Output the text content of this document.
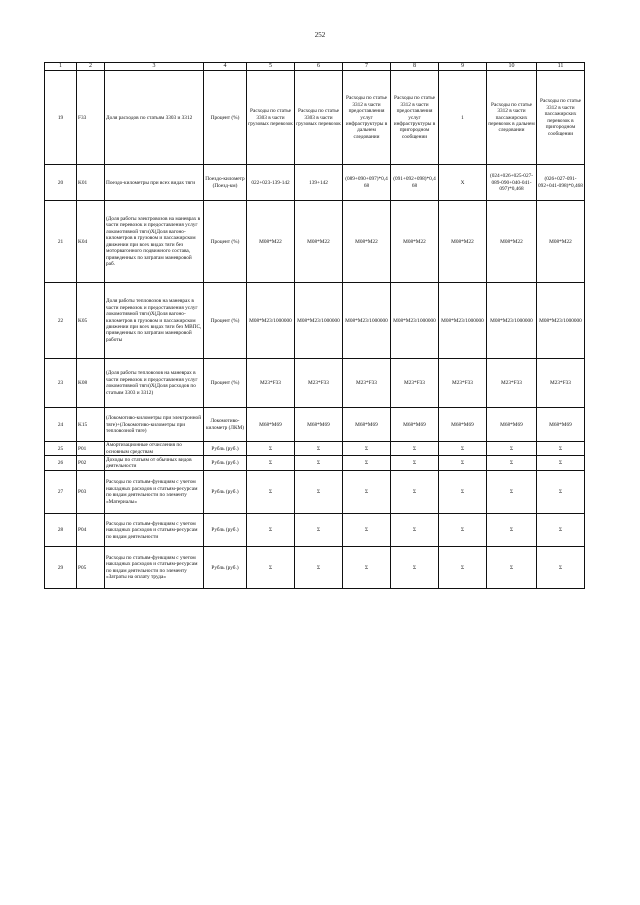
252
1	2	3	4	5	6	7	8	9	10	11
19	F33	Доля расходов по статьям 3303 и 3312	Процент (%)	Расходы по статье 3303 в части грузовых перевозок	Расходы по статье 3303 в части грузовых перевозок	Расходы по статье 3312 в части предоставления услуг инфраструктуры в дальнем следовании	Расходы по статье 3312 в части предоставления услуг инфраструктуры в пригородном сообщении	1	Расходы по статье 3312 в части пассажирских перевозок в дальнем следовании	Расходы по статье 3312 в части пассажирских перевозок в пригородном сообщении
20	K01	Поездо-километры при всех видах тяги	Поездо-километр (Поезд-км)	022+023-139-142	139+142	(089+090+097)*0,468	(091+092+098)*0,468	X	(024+026+025-027-089-090+040-041-097)*0,468	(026+027-091-092+041-098)*0,468
21	K04	(Доля работы электровозов на маневрах в части перевозок и предоставления услуг локомотивной тяги)Х(Доля вагоно-километров в грузовом и пассажирском движении при всех видах тяги без моторвагонного подвижного состава, приведенных по затратам маневровой раб.	Процент (%)	M08*M22	M08*M22	M08*M22	M08*M22	M08*M22	M08*M22	M08*M22
22	K05	Доля работы тепловозов на маневрах в части перевозок и предоставления услуг локомотивной тяги)Х(Доля вагоно-километров в грузовом и пассажирском движении при всех видах тяги без МВПС, приведенных по затратам маневровой работы	Процент (%)	M08*M23/1000000	M08*M23/1000000	M08*M23/1000000	M08*M23/1000000	M08*M23/1000000	M08*M23/1000000	M08*M23/1000000
23	K08	(Доля работы тепловозов на маневрах в части перевозок и предоставления услуг локомотивной тяги)Х(Доля расходов по статьям 3303 и 3312)	Процент (%)	M23*F33	M23*F33	M23*F33	M23*F33	M23*F33	M23*F33	M23*F33
24	K15	(Локомотиво-километры при электронной тяге)+(Локомотиво-километры при тепловозной тяге)	Локомотиво-километр (ЛКМ)	M68*M69	M68*M69	M68*M69	M68*M69	M68*M69	M68*M69	M68*M69
25	P01	Амортизационные отчисления по основным средствам	Рубль (руб.)	Σ	Σ	Σ	Σ	Σ	Σ	Σ
26	P02	Доходы по статьям от обычных видов деятельности	Рубль (руб.)	Σ	Σ	Σ	Σ	Σ	Σ	Σ
27	P03	Расходы по статьям-функциям с учетом накладных расходов и статьям-ресурсам по видам деятельности по элементу «Материалы»	Рубль (руб.)	Σ	Σ	Σ	Σ	Σ	Σ	Σ
28	P04	Расходы по статьям-функциям с учетом накладных расходов и статьям-ресурсам по видам деятельности	Рубль (руб.)	Σ	Σ	Σ	Σ	Σ	Σ	Σ
29	P05	Расходы по статьям-функциям с учетом накладных расходов и статьям-ресурсам по видам деятельности по элементу «Затраты на оплату труда»	Рубль (руб.)	Σ	Σ	Σ	Σ	Σ	Σ	Σ
